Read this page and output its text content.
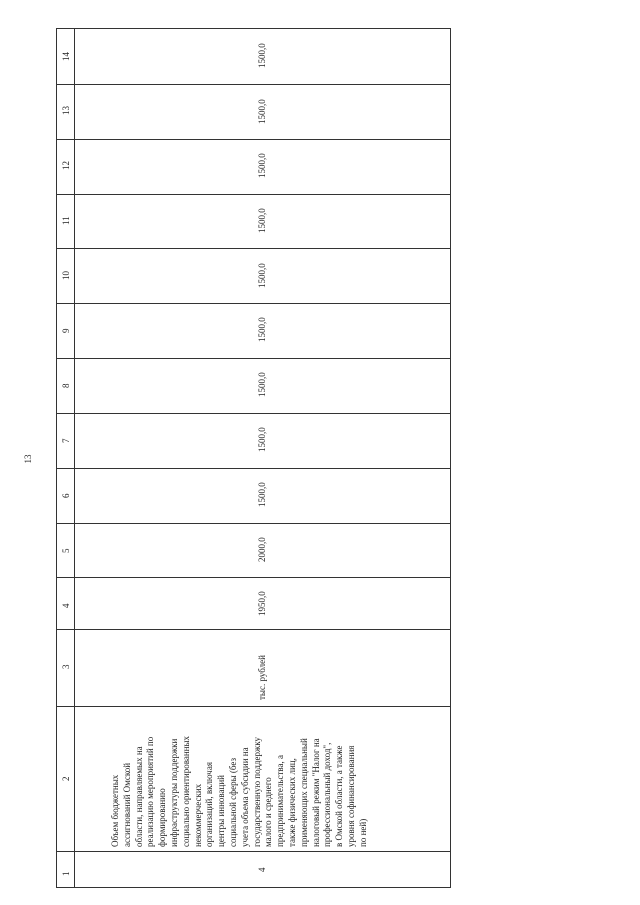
13
14
13
12
11
10
9
8
7
6
5
4
3
2
1
1500,0
1500,0
1500,0
1500,0
1500,0
1500,0
1500,0
1500,0
1500,0
2000,0
1950,0
тыс. рублей
4
Объем бюджетных ассигнований Омской области, направляемых на реализацию мероприятий по формированию инфраструктуры поддержки социально ориентированных некоммерческих организаций, включая центры инноваций социальной сферы (без учета объема субсидии на государственную поддержку малого и среднего предпринимательства, а также физических лиц, применяющих специальный налоговый режим "Налог на профессиональный доход", в Омской области, а также уровня софинансирования по ней)
